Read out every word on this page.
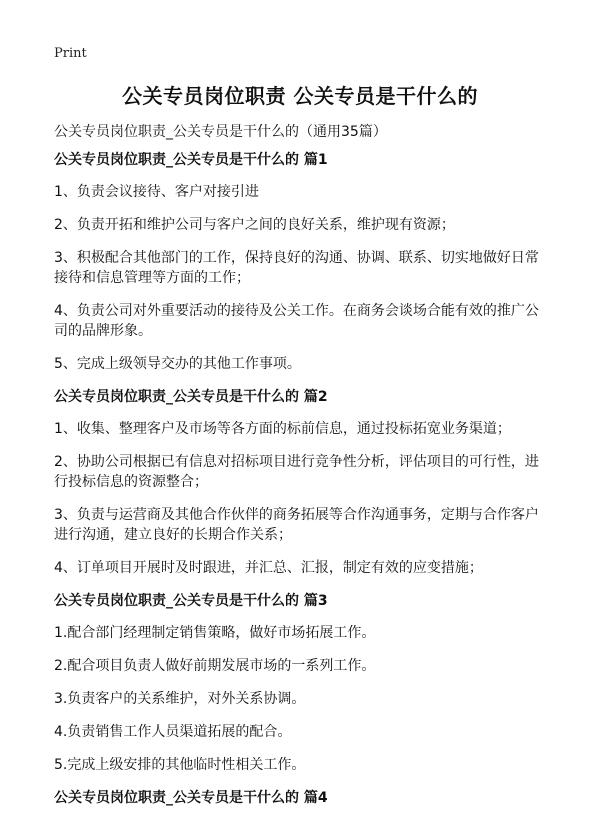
Print
公关专员岗位职责 公关专员是干什么的
公关专员岗位职责_公关专员是干什么的（通用35篇）
公关专员岗位职责_公关专员是干什么的 篇1

1、负责会议接待、客户对接引进

2、负责开拓和维护公司与客户之间的良好关系，维护现有资源；

3、积极配合其他部门的工作，保持良好的沟通、协调、联系、切实地做好日常接待和信息管理等方面的工作；

4、负责公司对外重要活动的接待及公关工作。在商务会谈场合能有效的推广公司的品牌形象。

5、完成上级领导交办的其他工作事项。

公关专员岗位职责_公关专员是干什么的 篇2

1、收集、整理客户及市场等各方面的标前信息，通过投标拓宽业务渠道；

2、协助公司根据已有信息对招标项目进行竞争性分析，评估项目的可行性，进行投标信息的资源整合；

3、负责与运营商及其他合作伙伴的商务拓展等合作沟通事务，定期与合作客户进行沟通，建立良好的长期合作关系；

4、订单项目开展时及时跟进，并汇总、汇报，制定有效的应变措施；

公关专员岗位职责_公关专员是干什么的 篇3

1.配合部门经理制定销售策略，做好市场拓展工作。

2.配合项目负责人做好前期发展市场的一系列工作。

3.负责客户的关系维护，对外关系协调。

4.负责销售工作人员渠道拓展的配合。

5.完成上级安排的其他临时性相关工作。

公关专员岗位职责_公关专员是干什么的 篇4
